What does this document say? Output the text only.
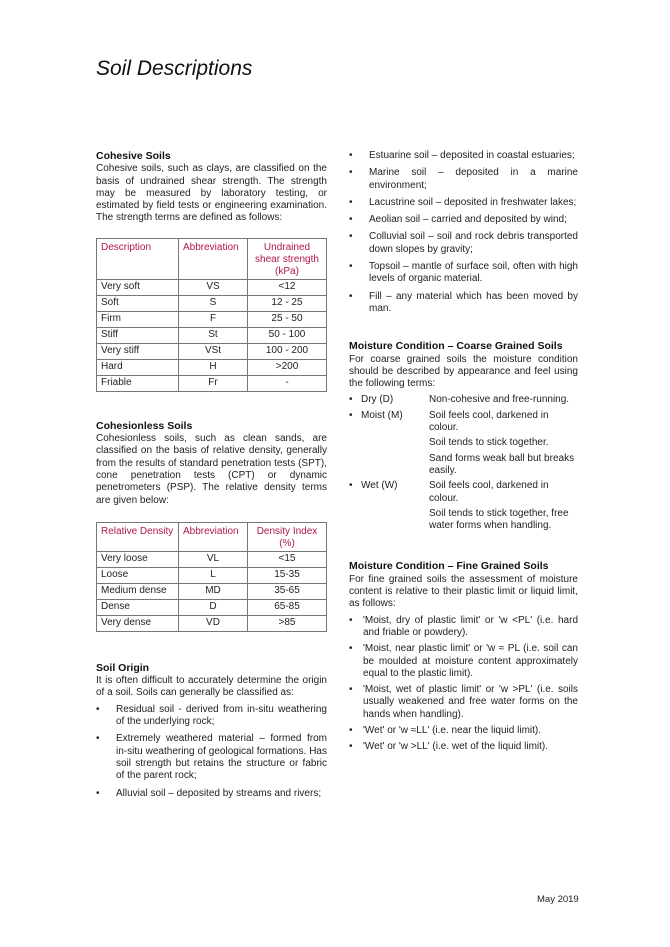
Soil Descriptions
Cohesive Soils

Cohesive soils, such as clays, are classified on the basis of undrained shear strength. The strength may be measured by laboratory testing, or estimated by field tests or engineering examination. The strength terms are defined as follows:

Description	Abbreviation	Undrained shear strength (kPa)
Very soft	VS	<12
Soft	S	12 - 25
Firm	F	25 - 50
Stiff	St	50 - 100
Very stiff	VSt	100 - 200
Hard	H	>200
Friable	Fr	-
Cohesionless Soils

Cohesionless soils, such as clean sands, are classified on the basis of relative density, generally from the results of standard penetration tests (SPT), cone penetration tests (CPT) or dynamic penetrometers (PSP). The relative density terms are given below:

Relative Density	Abbreviation	Density Index (%)
Very loose	VL	<15
Loose	L	15-35
Medium dense	MD	35-65
Dense	D	65-85
Very dense	VD	>85
Soil Origin

It is often difficult to accurately determine the origin of a soil. Soils can generally be classified as:

• Residual soil - derived from in-situ weathering of the underlying rock;
• Extremely weathered material – formed from in-situ weathering of geological formations. Has soil strength but retains the structure or fabric of the parent rock;
• Alluvial soil – deposited by streams and rivers;
• Estuarine soil – deposited in coastal estuaries;
• Marine soil – deposited in a marine environment;
• Lacustrine soil – deposited in freshwater lakes;
• Aeolian soil – carried and deposited by wind;
• Colluvial soil – soil and rock debris transported down slopes by gravity;
• Topsoil – mantle of surface soil, often with high levels of organic material.
• Fill – any material which has been moved by man.
Moisture Condition – Coarse Grained Soils

For coarse grained soils the moisture condition should be described by appearance and feel using the following terms:

• Dry (D)	Non-cohesive and free-running.
• Moist (M)	Soil feels cool, darkened in colour.
Soil tends to stick together.
Sand forms weak ball but breaks easily.
• Wet (W)	Soil feels cool, darkened in colour.
Soil tends to stick together, free water forms when handling.
Moisture Condition – Fine Grained Soils

For fine grained soils the assessment of moisture content is relative to their plastic limit or liquid limit, as follows:

• 'Moist, dry of plastic limit' or 'w <PL' (i.e. hard and friable or powdery).
• 'Moist, near plastic limit' or 'w ≈ PL (i.e. soil can be moulded at moisture content approximately equal to the plastic limit).
• 'Moist, wet of plastic limit' or 'w >PL' (i.e. soils usually weakened and free water forms on the hands when handling).
• 'Wet' or 'w ≈LL' (i.e. near the liquid limit).
• 'Wet' or 'w >LL' (i.e. wet of the liquid limit).
May 2019
